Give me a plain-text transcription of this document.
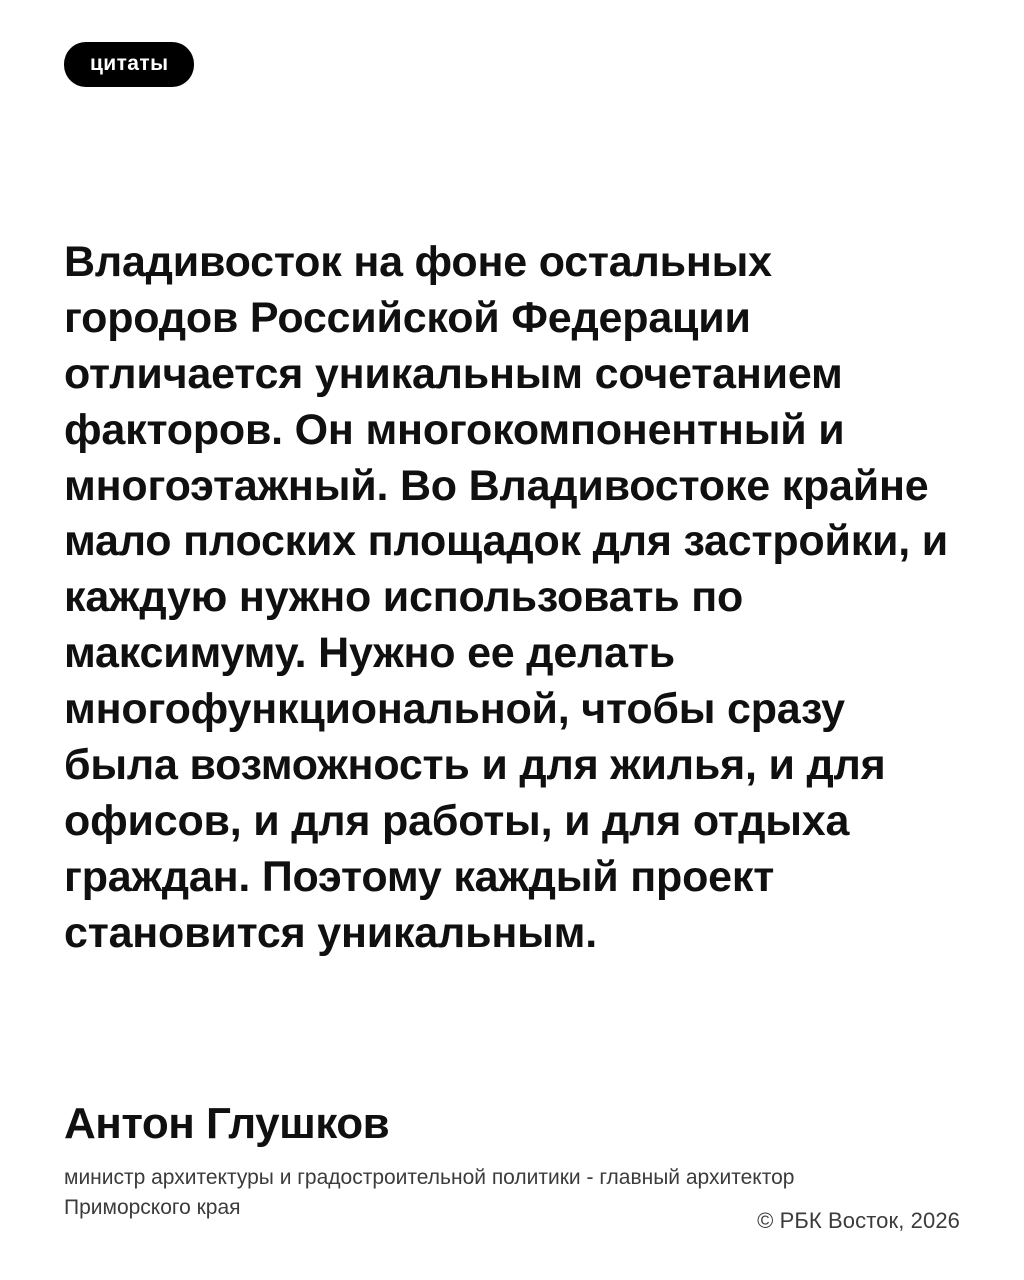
цитаты

Владивосток на фоне остальных городов Российской Федерации отличается уникальным сочетанием факторов. Он многокомпонентный и многоэтажный. Во Владивостоке крайне мало плоских площадок для застройки, и каждую нужно использовать по максимуму. Нужно ее делать многофункциональной, чтобы сразу была возможность и для жилья, и для офисов, и для работы, и для отдыха граждан. Поэтому каждый проект становится уникальным.

Антон Глушков

министр архитектуры и градостроительной политики - главный архитектор Приморского края

© РБК Восток, 2026
